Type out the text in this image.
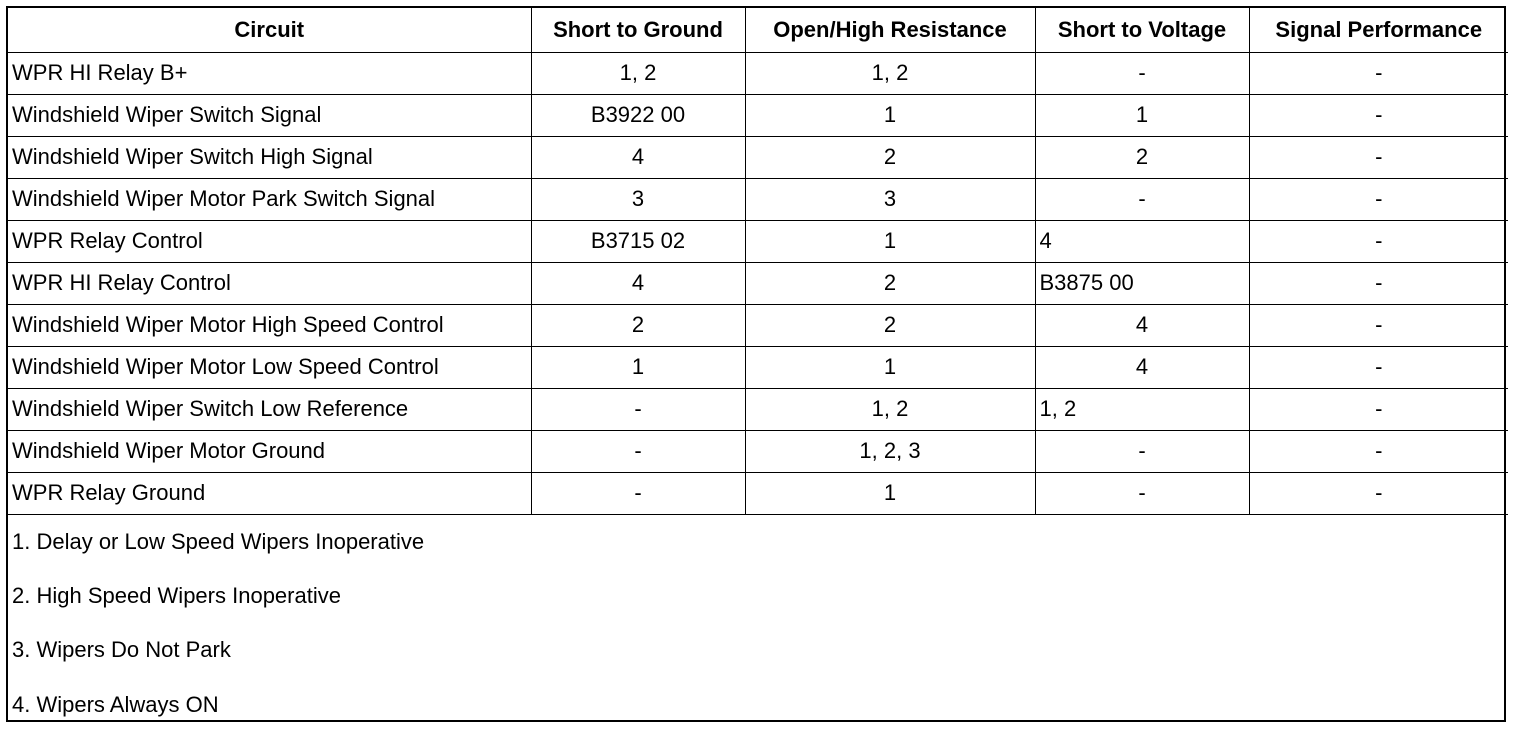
Circuit	Short to Ground	Open/High Resistance	Short to Voltage	Signal Performance
WPR HI Relay B+	1, 2	1, 2	-	-
Windshield Wiper Switch Signal	B3922 00	1	1	-
Windshield Wiper Switch High Signal	4	2	2	-
Windshield Wiper Motor Park Switch Signal	3	3	-	-
WPR Relay Control	B3715 02	1	4	-
WPR HI Relay Control	4	2	B3875 00	-
Windshield Wiper Motor High Speed Control	2	2	4	-
Windshield Wiper Motor Low Speed Control	1	1	4	-
Windshield Wiper Switch Low Reference	-	1, 2	1, 2	-
Windshield Wiper Motor Ground	-	1, 2, 3	-	-
WPR Relay Ground	-	1	-	-
1. Delay or Low Speed Wipers Inoperative				
2. High Speed Wipers Inoperative				
3. Wipers Do Not Park				
4. Wipers Always ON				
